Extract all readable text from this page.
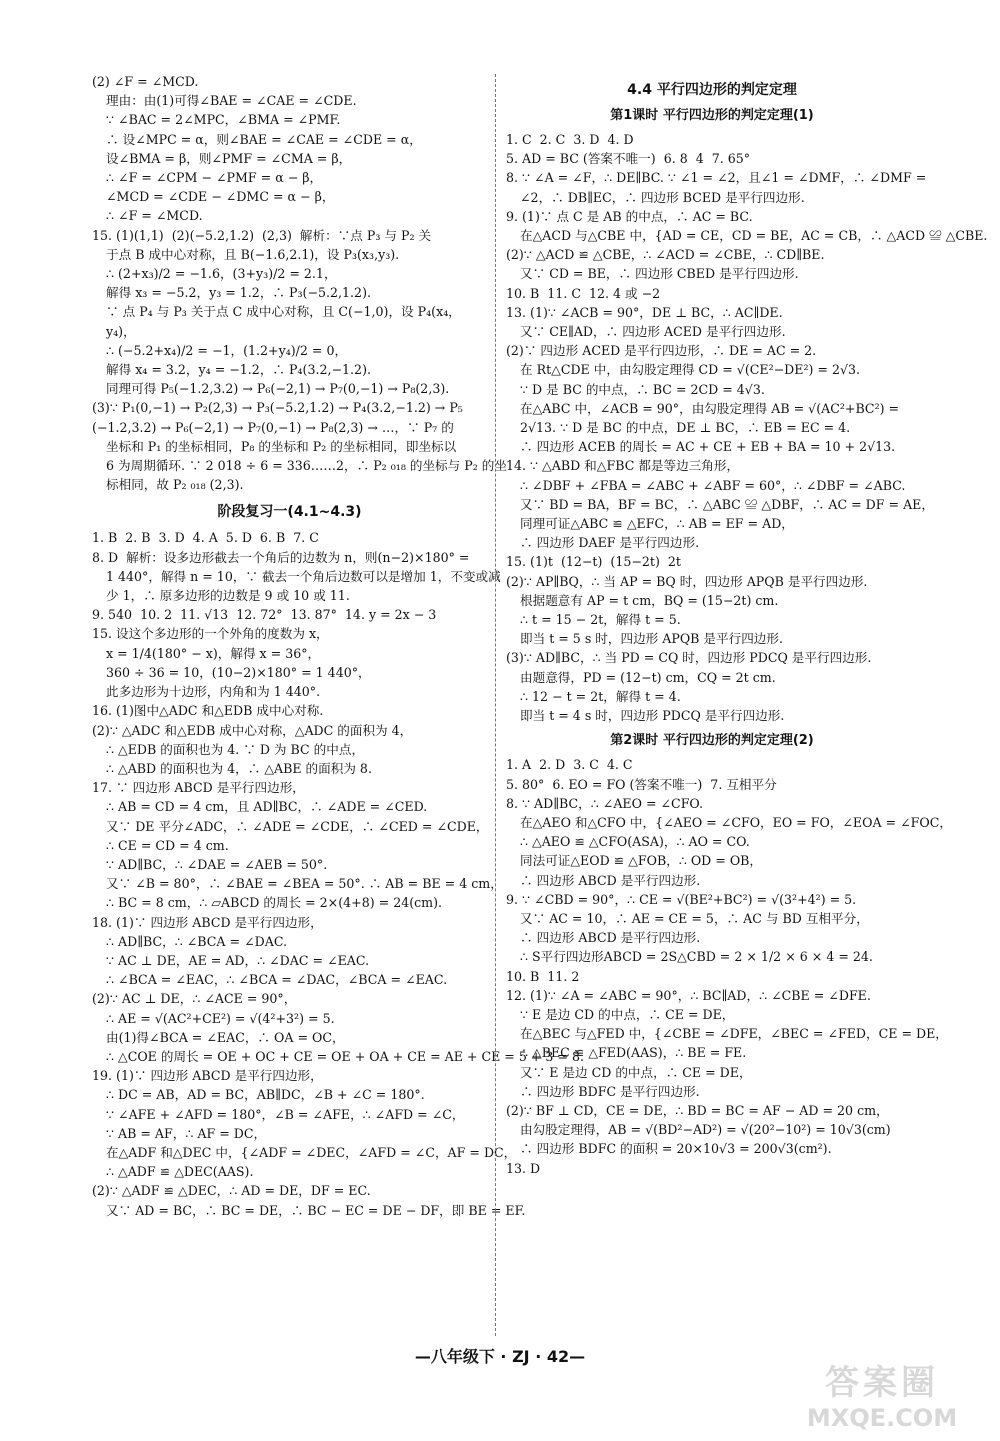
(2) ∠F = ∠MCD.
理由：由(1)可得∠BAE = ∠CAE = ∠CDE.
∵ ∠BAC = 2∠MPC，∠BMA = ∠PMF.
∴ 设∠MPC = α，则∠BAE = ∠CAE = ∠CDE = α，
设∠BMA = β，则∠PMF = ∠CMA = β，
∴ ∠F = ∠CPM − ∠PMF = α − β，
∠MCD = ∠CDE − ∠DMC = α − β，
∴ ∠F = ∠MCD.
15. (1)(1,1)  (2)(−5.2,1.2)  (2,3)  解析：∵点 P₃ 与 P₂ 关
于点 B 成中心对称，且 B(−1.6,2.1)，设 P₃(x₃,y₃).
∴ (2+x₃)/2 = −1.6，(3+y₃)/2 = 2.1，
解得 x₃ = −5.2，y₃ = 1.2，∴ P₃(−5.2,1.2).
∵ 点 P₄ 与 P₃ 关于点 C 成中心对称，且 C(−1,0)，设 P₄(x₄，
y₄)，
∴ (−5.2+x₄)/2 = −1，(1.2+y₄)/2 = 0，
解得 x₄ = 3.2，y₄ = −1.2，∴ P₄(3.2,−1.2).
同理可得 P₅(−1.2,3.2) → P₆(−2,1) → P₇(0,−1) → P₈(2,3).
(3)∵ P₁(0,−1) → P₂(2,3) → P₃(−5.2,1.2) → P₄(3.2,−1.2) → P₅
(−1.2,3.2) → P₆(−2,1) → P₇(0,−1) → P₈(2,3) → …，∵ P₇ 的
坐标和 P₁ 的坐标相同，P₈ 的坐标和 P₂ 的坐标相同，即坐标以
6 为周期循环. ∵ 2 018 ÷ 6 = 336……2，∴ P₂ ₀₁₈ 的坐标与 P₂ 的坐
标相同，故 P₂ ₀₁₈ (2,3).
阶段复习一(4.1~4.3)
1. B  2. B  3. D  4. A  5. D  6. B  7. C
8. D  解析：设多边形截去一个角后的边数为 n，则(n−2)×180° =
1 440°，解得 n = 10，∵ 截去一个角后边数可以是增加 1，不变或减
少 1，∴ 原多边形的边数是 9 或 10 或 11.
9. 540  10. 2  11. √13  12. 72°  13. 87°  14. y = 2x − 3
15. 设这个多边形的一个外角的度数为 x，
x = 1/4(180° − x)，解得 x = 36°，
360 ÷ 36 = 10，(10−2)×180° = 1 440°，
此多边形为十边形，内角和为 1 440°.
16. (1)图中△ADC 和△EDB 成中心对称.
(2)∵ △ADC 和△EDB 成中心对称，△ADC 的面积为 4，
∴ △EDB 的面积也为 4. ∵ D 为 BC 的中点，
∴ △ABD 的面积也为 4，∴ △ABE 的面积为 8.
17. ∵ 四边形 ABCD 是平行四边形，
∴ AB = CD = 4 cm，且 AD∥BC，∴ ∠ADE = ∠CED.
又∵ DE 平分∠ADC，∴ ∠ADE = ∠CDE，∴ ∠CED = ∠CDE，
∴ CE = CD = 4 cm.
∵ AD∥BC，∴ ∠DAE = ∠AEB = 50°.
又∵ ∠B = 80°，∴ ∠BAE = ∠BEA = 50°. ∴ AB = BE = 4 cm，
∴ BC = 8 cm，∴ ▱ABCD 的周长 = 2×(4+8) = 24(cm).
18. (1)∵ 四边形 ABCD 是平行四边形，
∴ AD∥BC，∴ ∠BCA = ∠DAC.
∵ AC ⊥ DE，AE = AD，∴ ∠DAC = ∠EAC.
∴ ∠BCA = ∠EAC，∴ ∠BCA = ∠DAC，∠BCA = ∠EAC.
(2)∵ AC ⊥ DE，∴ ∠ACE = 90°，
∴ AE = √(AC²+CE²) = √(4²+3²) = 5.
由(1)得∠BCA = ∠EAC，∴ OA = OC，
∴ △COE 的周长 = OE + OC + CE = OE + OA + CE = AE + CE = 5 + 3 = 8.
19. (1)∵ 四边形 ABCD 是平行四边形，
∴ DC = AB，AD = BC，AB∥DC，∠B + ∠C = 180°.
∵ ∠AFE + ∠AFD = 180°，∠B = ∠AFE，∴ ∠AFD = ∠C，
∵ AB = AF，∴ AF = DC，
在△ADF 和△DEC 中，{∠ADF = ∠DEC，∠AFD = ∠C，AF = DC，
∴ △ADF ≌ △DEC(AAS).
(2)∵ △ADF ≌ △DEC，∴ AD = DE，DF = EC.
又∵ AD = BC，∴ BC = DE，∴ BC − EC = DE − DF，即 BE = EF.
4.4 平行四边形的判定定理
第1课时 平行四边形的判定定理(1)
1. C  2. C  3. D  4. D
5. AD = BC (答案不唯一)  6. 8  4  7. 65°
8. ∵ ∠A = ∠F，∴ DE∥BC. ∵ ∠1 = ∠2，且∠1 = ∠DMF，∴ ∠DMF =
∠2，∴ DB∥EC，∴ 四边形 BCED 是平行四边形.
9. (1)∵ 点 C 是 AB 的中点，∴ AC = BC.
在△ACD 与△CBE 中，{AD = CE，CD = BE，AC = CB，∴ △ACD ≌ △CBE.
(2)∵ △ACD ≌ △CBE，∴ ∠ACD = ∠CBE，∴ CD∥BE.
又∵ CD = BE，∴ 四边形 CBED 是平行四边形.
10. B  11. C  12. 4 或 −2
13. (1)∵ ∠ACB = 90°，DE ⊥ BC，∴ AC∥DE.
又∵ CE∥AD，∴ 四边形 ACED 是平行四边形.
(2)∵ 四边形 ACED 是平行四边形，∴ DE = AC = 2.
在 Rt△CDE 中，由勾股定理得 CD = √(CE²−DE²) = 2√3.
∵ D 是 BC 的中点，∴ BC = 2CD = 4√3.
在△ABC 中，∠ACB = 90°，由勾股定理得 AB = √(AC²+BC²) =
2√13. ∵ D 是 BC 的中点，DE ⊥ BC，∴ EB = EC = 4.
∴ 四边形 ACEB 的周长 = AC + CE + EB + BA = 10 + 2√13.
14. ∵ △ABD 和△FBC 都是等边三角形，
∴ ∠DBF + ∠FBA = ∠ABC + ∠ABF = 60°，∴ ∠DBF = ∠ABC.
又∵ BD = BA，BF = BC，∴ △ABC ≌ △DBF，∴ AC = DF = AE，
同理可证△ABC ≌ △EFC，∴ AB = EF = AD，
∴ 四边形 DAEF 是平行四边形.
15. (1)t  (12−t)  (15−2t)  2t
(2)∵ AP∥BQ，∴ 当 AP = BQ 时，四边形 APQB 是平行四边形.
根据题意有 AP = t cm，BQ = (15−2t) cm.
∴ t = 15 − 2t，解得 t = 5.
即当 t = 5 s 时，四边形 APQB 是平行四边形.
(3)∵ AD∥BC，∴ 当 PD = CQ 时，四边形 PDCQ 是平行四边形.
由题意得，PD = (12−t) cm，CQ = 2t cm.
∴ 12 − t = 2t，解得 t = 4.
即当 t = 4 s 时，四边形 PDCQ 是平行四边形.
第2课时 平行四边形的判定定理(2)
1. A  2. D  3. C  4. C
5. 80°  6. EO = FO (答案不唯一)  7. 互相平分
8. ∵ AD∥BC，∴ ∠AEO = ∠CFO.
在△AEO 和△CFO 中，{∠AEO = ∠CFO，EO = FO，∠EOA = ∠FOC，
∴ △AEO ≌ △CFO(ASA)，∴ AO = CO.
同法可证△EOD ≌ △FOB，∴ OD = OB，
∴ 四边形 ABCD 是平行四边形.
9. ∵ ∠CBD = 90°，∴ CE = √(BE²+BC²) = √(3²+4²) = 5.
又∵ AC = 10，∴ AE = CE = 5，∴ AC 与 BD 互相平分，
∴ 四边形 ABCD 是平行四边形.
∴ S平行四边形ABCD = 2S△CBD = 2 × 1/2 × 6 × 4 = 24.
10. B  11. 2
12. (1)∵ ∠A = ∠ABC = 90°，∴ BC∥AD，∴ ∠CBE = ∠DFE.
∵ E 是边 CD 的中点，∴ CE = DE，
在△BEC 与△FED 中，{∠CBE = ∠DFE，∠BEC = ∠FED，CE = DE，
∴ △BEC ≌ △FED(AAS)，∴ BE = FE.
又∵ E 是边 CD 的中点，∴ CE = DE，
∴ 四边形 BDFC 是平行四边形.
(2)∵ BF ⊥ CD，CE = DE，∴ BD = BC = AF − AD = 20 cm，
由勾股定理得，AB = √(BD²−AD²) = √(20²−10²) = 10√3(cm)
∴ 四边形 BDFC 的面积 = 20×10√3 = 200√3(cm²).
13. D
—八年级下 · ZJ · 42—
答案圈
MXQE.COM
